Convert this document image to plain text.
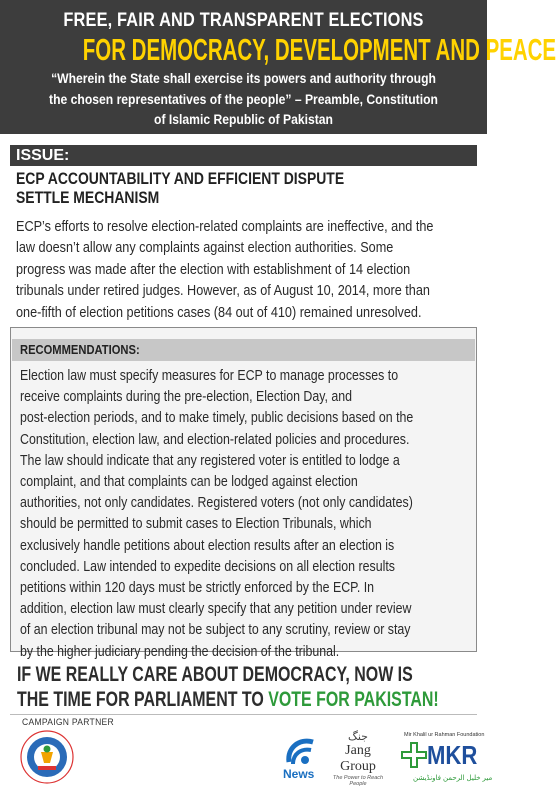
FREE, FAIR AND TRANSPARENT ELECTIONS
FOR DEMOCRACY, DEVELOPMENT AND PEACE
“Wherein the State shall exercise its powers and authority through
the chosen representatives of the people” – Preamble, Constitution
of Islamic Republic of Pakistan
ISSUE:
ECP ACCOUNTABILITY AND EFFICIENT DISPUTE
SETTLE MECHANISM
ECP’s efforts to resolve election-related complaints are ineffective, and the
law doesn’t allow any complaints against election authorities. Some
progress was made after the election with establishment of 14 election
tribunals under retired judges. However, as of August 10, 2014, more than
one-fifth of election petitions cases (84 out of 410) remained unresolved.
RECOMMENDATIONS:
Election law must specify measures for ECP to manage processes to
receive complaints during the pre-election, Election Day, and
post-election periods, and to make timely, public decisions based on the
Constitution, election law, and election-related policies and procedures.
The law should indicate that any registered voter is entitled to lodge a
complaint, and that complaints can be lodged against election
authorities, not only candidates. Registered voters (not only candidates)
should be permitted to submit cases to Election Tribunals, which
exclusively handle petitions about election results after an election is
concluded. Law intended to expedite decisions on all election results
petitions within 120 days must be strictly enforced by the ECP. In
addition, election law must clearly specify that any petition under review
of an election tribunal may not be subject to any scrutiny, review or stay
by the higher judiciary pending the decision of the tribunal.
IF WE REALLY CARE ABOUT DEMOCRACY, NOW IS
THE TIME FOR PARLIAMENT TO VOTE FOR PAKISTAN!
CAMPAIGN PARTNER
News
جنگ
Jang Group
The Power to Reach People
Mir Khalil ur Rahman Foundation
MKR
میر خلیل الرحمن فاونڈیشن
